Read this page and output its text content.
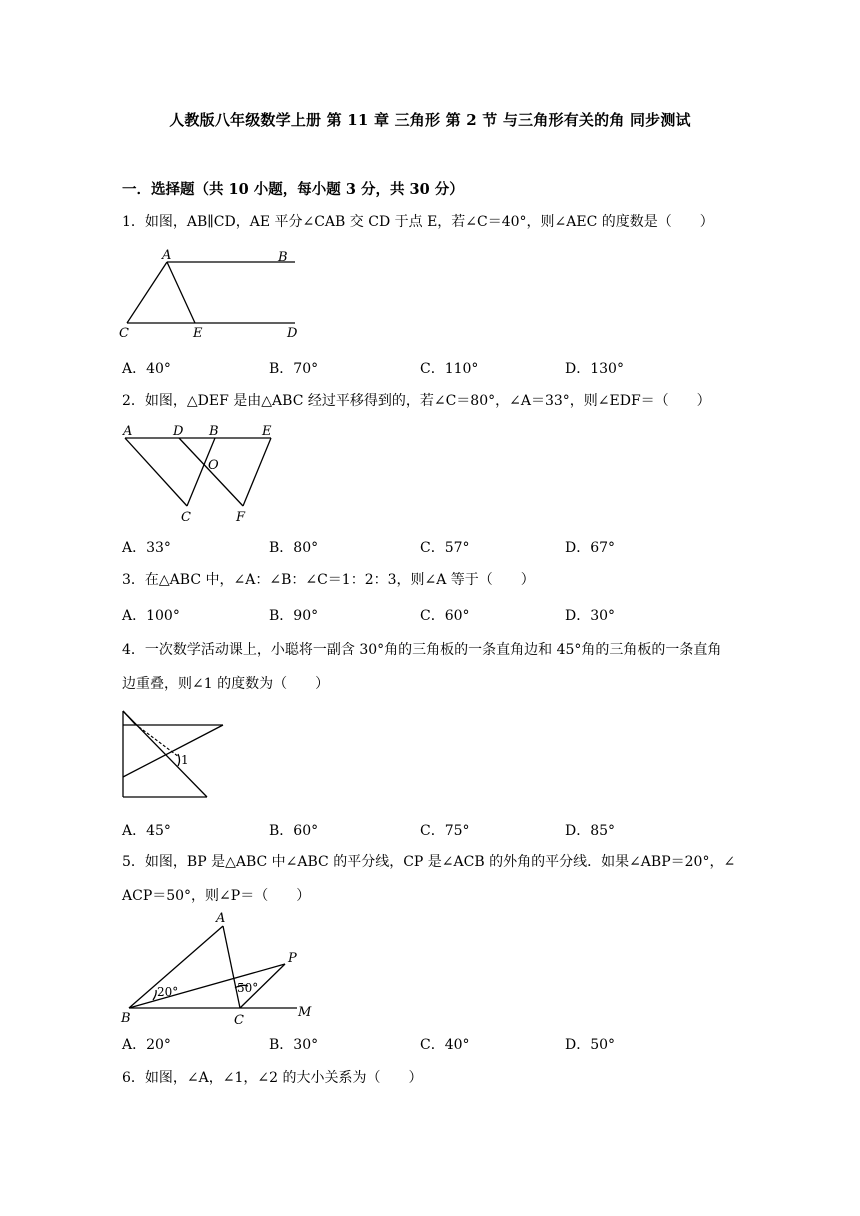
人教版八年级数学上册 第 11 章 三角形 第 2 节 与三角形有关的角 同步测试
一．选择题（共 10 小题，每小题 3 分，共 30 分）
1．如图，AB∥CD，AE 平分∠CAB 交 CD 于点 E，若∠C＝40°，则∠AEC 的度数是（　　）
A	B
C	E	D
A．40°	B．70°	C．110°	D．130°
2．如图，△DEF 是由△ABC 经过平移得到的，若∠C＝80°，∠A＝33°，则∠EDF＝（　　）
A	D B	E
O
C	F
A．33°	B．80°	C．57°	D．67°
3．在△ABC 中，∠A：∠B：∠C＝1：2：3，则∠A 等于（　　）
A．100°	B．90°	C．60°	D．30°
4．一次数学活动课上，小聪将一副含 30°角的三角板的一条直角边和 45°角的三角板的一条直角
边重叠，则∠1 的度数为（　　）
1
A．45°	B．60°	C．75°	D．85°
5．如图，BP 是△ABC 中∠ABC 的平分线，CP 是∠ACB 的外角的平分线．如果∠ABP＝20°，∠
ACP＝50°，则∠P＝（　　）
A
P
20°	50°
B	C
M
A．20°	B．30°	C．40°	D．50°
6．如图，∠A，∠1，∠2 的大小关系为（　　）
